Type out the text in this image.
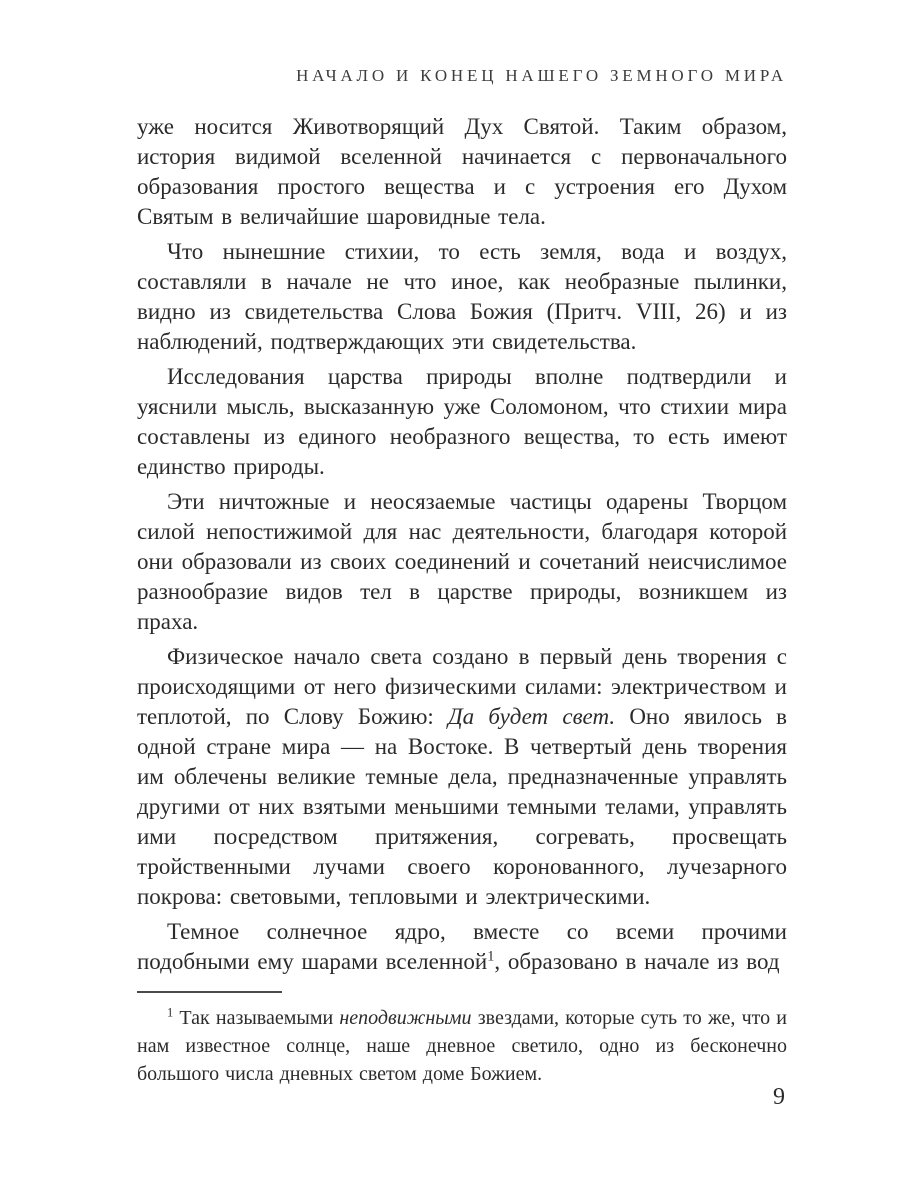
НАЧАЛО И КОНЕЦ НАШЕГО ЗЕМНОГО МИРА

уже носится Животворящий Дух Святой. Таким образом, история видимой вселенной начинается с первоначального образования простого вещества и с устроения его Духом Святым в величайшие шаровидные тела.

Что нынешние стихии, то есть земля, вода и воздух, составляли в начале не что иное, как необразные пылинки, видно из свидетельства Слова Божия (Притч. VIII, 26) и из наблюдений, подтверждающих эти свидетельства.

Исследования царства природы вполне подтвердили и уяснили мысль, высказанную уже Соломоном, что стихии мира составлены из единого необразного вещества, то есть имеют единство природы.

Эти ничтожные и неосязаемые частицы одарены Творцом силой непостижимой для нас деятельности, благодаря которой они образовали из своих соединений и сочетаний неисчислимое разнообразие видов тел в царстве природы, возникшем из праха.

Физическое начало света создано в первый день творения с происходящими от него физическими силами: электричеством и теплотой, по Слову Божию: Да будет свет. Оно явилось в одной стране мира — на Востоке. В четвертый день творения им облечены великие темные дела, предназначенные управлять другими от них взятыми меньшими темными телами, управлять ими посредством притяжения, согревать, просвещать тройственными лучами своего коронованного, лучезарного покрова: световыми, тепловыми и электрическими.

Темное солнечное ядро, вместе со всеми прочими подобными ему шарами вселенной$^1$, образовано в начале из вод

$^1$ Так называемыми неподвижными звездами, которые суть то же, что и нам известное солнце, наше дневное светило, одно из бесконечно большого числа дневных светом доме Божием.

9
